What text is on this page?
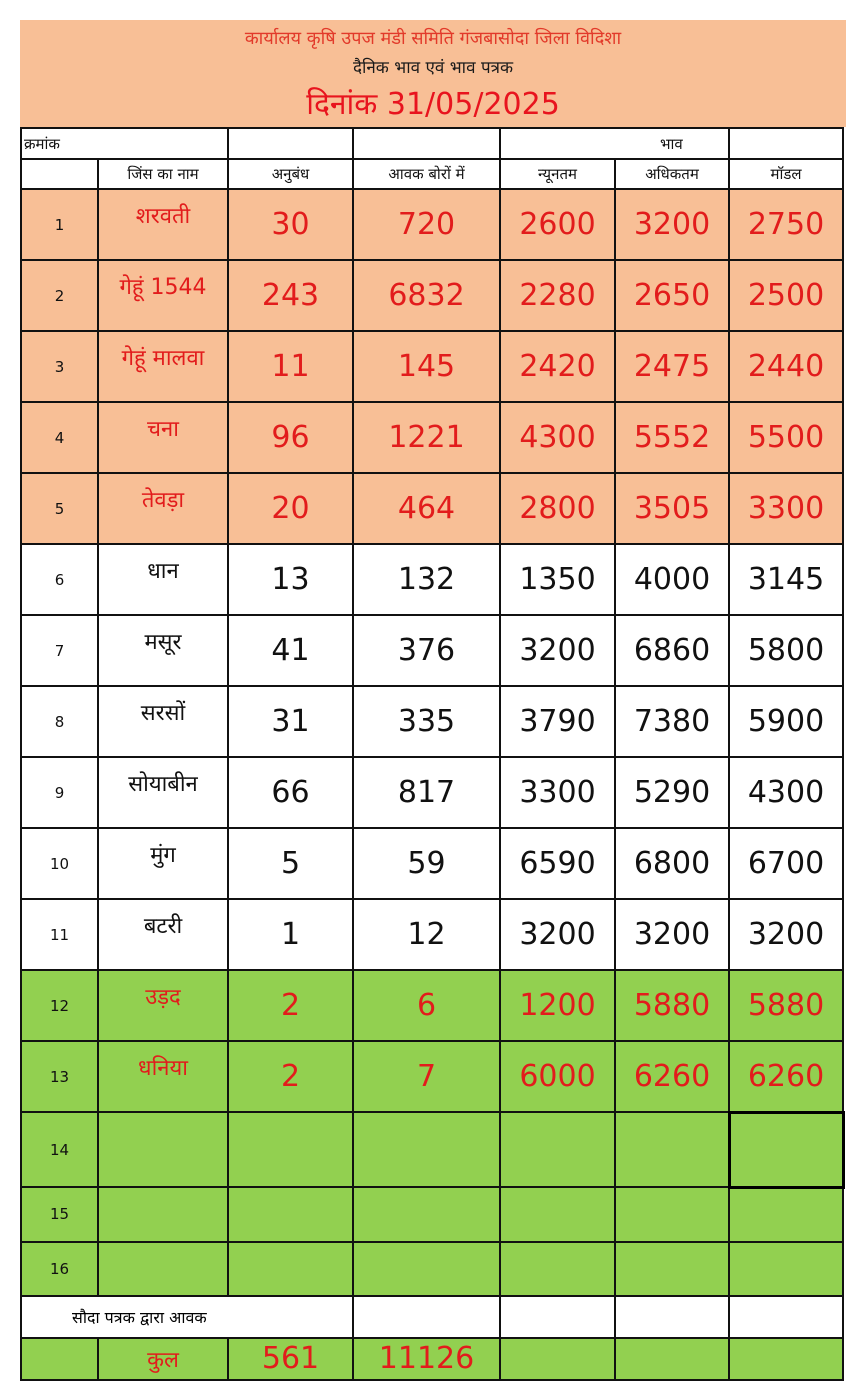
कार्यालय कृषि उपज मंडी समिति गंजबासोदा जिला विदिशा
दैनिक भाव एवं भाव पत्रक
दिनांक 31/05/2025
क्रमांक					भाव	
	जिंस का नाम	अनुबंध	आवक बोरों में	न्यूनतम	अधिकतम	मॉडल
1	शरवती	30	720	2600	3200	2750
2	गेहूं 1544	243	6832	2280	2650	2500
3	गेहूं मालवा	11	145	2420	2475	2440
4	चना	96	1221	4300	5552	5500
5	तेवड़ा	20	464	2800	3505	3300
6	धान	13	132	1350	4000	3145
7	मसूर	41	376	3200	6860	5800
8	सरसों	31	335	3790	7380	5900
9	सोयाबीन	66	817	3300	5290	4300
10	मुंग	5	59	6590	6800	6700
11	बटरी	1	12	3200	3200	3200
12	उड़द	2	6	1200	5880	5880
13	धनिया	2	7	6000	6260	6260
14						
15						
16						
सौदा पत्रक द्वारा आवक						
	कुल	561	11126			
